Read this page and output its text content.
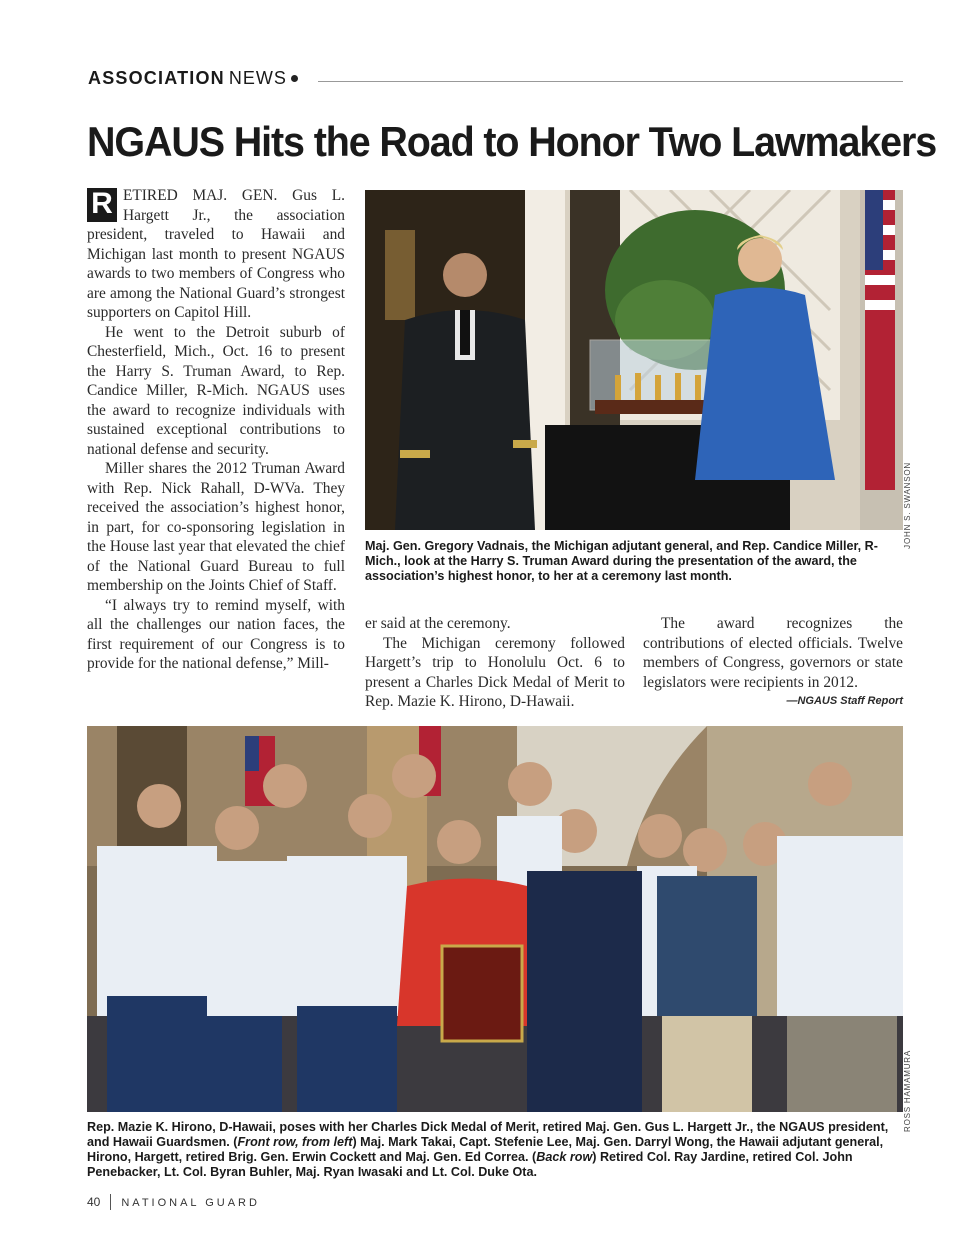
ASSOCIATION NEWS
NGAUS Hits the Road to Honor Two Lawmakers

R ETIRED MAJ. GEN. Gus L. Hargett Jr., the association president, traveled to Hawaii and Michigan last month to present NGAUS awards to two members of Congress who are among the National Guard’s strongest supporters on Capitol Hill.

He went to the Detroit suburb of Chesterfield, Mich., Oct. 16 to present the Harry S. Truman Award, to Rep. Candice Miller, R-Mich. NGAUS uses the award to recognize individuals with sustained exceptional contributions to national defense and security.

Miller shares the 2012 Truman Award with Rep. Nick Rahall, D-WVa. They received the association’s highest honor, in part, for co-sponsoring legislation in the House last year that elevated the chief of the National Guard Bureau to full membership on the Joints Chief of Staff.

“I always try to remind myself, with all the challenges our nation faces, the first requirement of our Congress is to provide for the national defense,” Mill-

JOHN S. SWANSON

Maj. Gen. Gregory Vadnais, the Michigan adjutant general, and Rep. Candice Miller, R-Mich., look at the Harry S. Truman Award during the presentation of the award, the association’s highest honor, to her at a ceremony last month.

er said at the ceremony.

The Michigan ceremony followed Hargett’s trip to Honolulu Oct. 6 to present a Charles Dick Medal of Merit to Rep. Mazie K. Hirono, D-Hawaii.

The award recognizes the contributions of elected officials. Twelve members of Congress, governors or state legislators were recipients in 2012.

—NGAUS Staff Report

ROSS HAMAMURA

Rep. Mazie K. Hirono, D-Hawaii, poses with her Charles Dick Medal of Merit, retired Maj. Gen. Gus L. Hargett Jr., the NGAUS president, and Hawaii Guardsmen. (Front row, from left) Maj. Mark Takai, Capt. Stefenie Lee, Maj. Gen. Darryl Wong, the Hawaii adjutant general, Hirono, Hargett, retired Brig. Gen. Erwin Cockett and Maj. Gen. Ed Correa. (Back row) Retired Col. Ray Jardine, retired Col. John Penebacker, Lt. Col. Byran Buhler, Maj. Ryan Iwasaki and Lt. Col. Duke Ota.

40 NATIONAL GUARD
